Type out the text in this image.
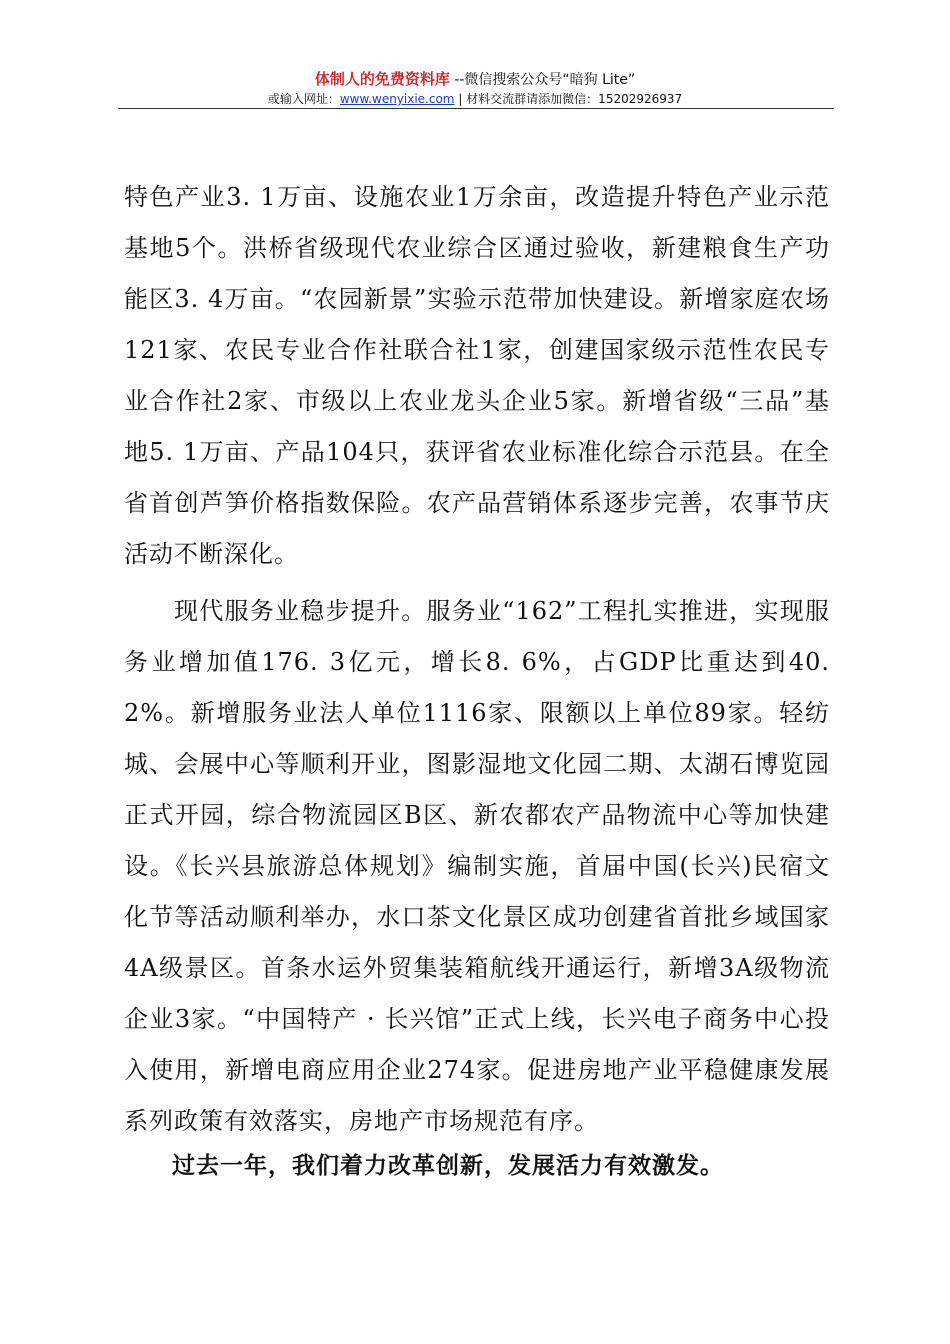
体制人的免费资料库 --微信搜索公众号“暗狗 Lite”
或输入网址：www.wenyixie.com | 材料交流群请添加微信：15202926937

特色产业3. 1万亩、设施农业1万余亩，改造提升特色产业示范基地5个。洪桥省级现代农业综合区通过验收，新建粮食生产功能区3. 4万亩。“农园新景”实验示范带加快建设。新增家庭农场121家、农民专业合作社联合社1家，创建国家级示范性农民专业合作社2家、市级以上农业龙头企业5家。新增省级“三品”基地5. 1万亩、产品104只，获评省农业标准化综合示范县。在全省首创芦笋价格指数保险。农产品营销体系逐步完善，农事节庆活动不断深化。

现代服务业稳步提升。服务业“162”工程扎实推进，实现服务业增加值176. 3亿元，增长8. 6%，占GDP比重达到40. 2%。新增服务业法人单位1116家、限额以上单位89家。轻纺城、会展中心等顺利开业，图影湿地文化园二期、太湖石博览园正式开园，综合物流园区B区、新农都农产品物流中心等加快建设。《长兴县旅游总体规划》编制实施，首届中国(长兴)民宿文化节等活动顺利举办，水口茶文化景区成功创建省首批乡域国家4A级景区。首条水运外贸集装箱航线开通运行，新增3A级物流企业3家。“中国特产 · 长兴馆”正式上线，长兴电子商务中心投入使用，新增电商应用企业274家。促进房地产业平稳健康发展系列政策有效落实，房地产市场规范有序。

过去一年，我们着力改革创新，发展活力有效激发。
